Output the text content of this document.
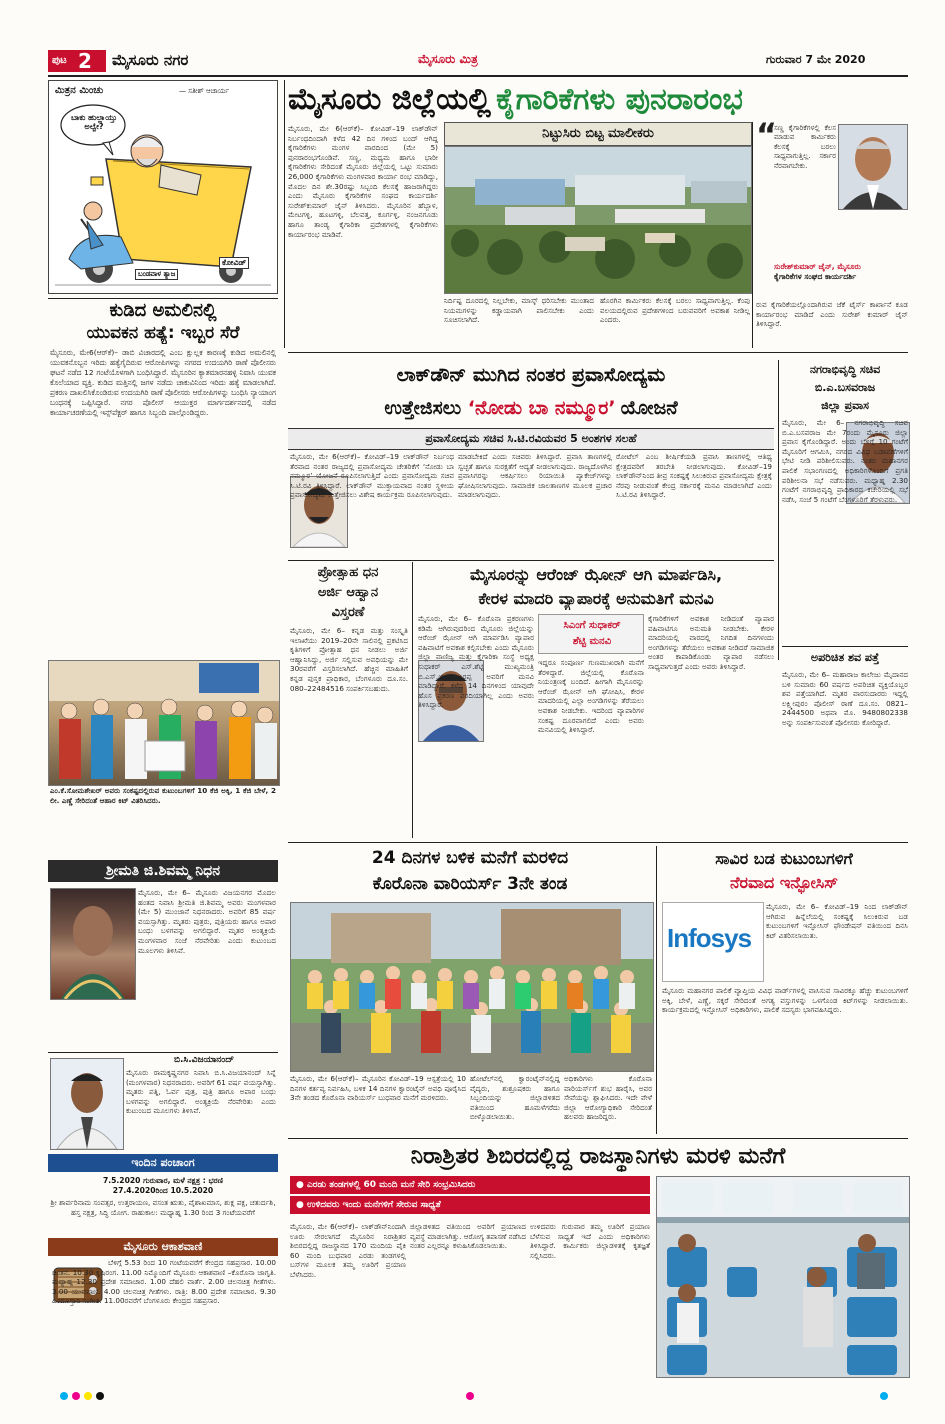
ಪುಟ 2 ಮೈಸೂರು ನಗರ	ಮೈಸೂರು ಮಿತ್ರ	ಗುರುವಾರ 7 ಮೇ 2020
ಮಿತ್ರನ ಮಿಂಚು	— ಸತೀಶ್ ಆಚಾರ್ಯ
ಬಾಕು ಹುಲ್ಲಾಯ್ತು ಅಲ್ವೇ?
ಬಂಡವಾಳ ತ್ಯಾಜ
ಕೋವಿಡ್
ಕುಡಿದ ಅಮಲಿನಲ್ಲಿ
ಯುವಕನ ಹತ್ಯೆ: ಇಬ್ಬರ ಸೆರೆ
ಮೈಸೂರು, ಮೇ6(ಆರ್‌ಕೆ)– ಡಾಬಿ ವಿಚಾರದಲ್ಲಿ ಎಂಬ ಕ್ಷುಲ್ಲಕ ಕಾರಣಕ್ಕೆ ಕುಡಿದ ಅಮಲಿನಲ್ಲಿ ಯುವಕನೊಬ್ಬನ ಇರಿದು ಹತ್ಯೆಗೈದಿರುವ ಆರೋಪಿಗಳನ್ನು ನಗರದ ಉದಯಗಿರಿ ಠಾಣೆ ಪೊಲೀಸರು ಘಟನೆ ನಡೆದ 12 ಗಂಟೆಯೊಳಗಾಗಿ ಬಂಧಿಸಿದ್ದಾರೆ. ಮೈಸೂರಿನ ಕ್ಯಾತಮಾರನಹಳ್ಳಿ ನಿವಾಸಿ ಯುವಕ ಕೊಲೆಯಾದ ವ್ಯಕ್ತಿ. ಕುಡಿದ ಮತ್ತಿನಲ್ಲಿ ಜಗಳ ನಡೆದು ಚಾಕುವಿನಿಂದ ಇರಿದು ಹತ್ಯೆ ಮಾಡಲಾಗಿದೆ. ಪ್ರಕರಣ ದಾಖಲಿಸಿಕೊಂಡಿರುವ ಉದಯಗಿರಿ ಠಾಣೆ ಪೊಲೀಸರು ಆರೋಪಿಗಳನ್ನು ಬಂಧಿಸಿ ನ್ಯಾಯಾಂಗ ಬಂಧನಕ್ಕೆ ಒಪ್ಪಿಸಿದ್ದಾರೆ. ನಗರ ಪೊಲೀಸ್ ಆಯುಕ್ತರ ಮಾರ್ಗದರ್ಶನದಲ್ಲಿ ನಡೆದ ಕಾರ್ಯಾಚರಣೆಯಲ್ಲಿ ಇನ್ಸ್‌ಪೆಕ್ಟರ್ ಹಾಗೂ ಸಿಬ್ಬಂದಿ ಪಾಲ್ಗೊಂಡಿದ್ದರು.
ಎಂ.ಕೆ.ಸೋಮಶೇಖರ್ ಅವರು ಸಂಕಷ್ಟದಲ್ಲಿರುವ ಕುಟುಂಬಗಳಿಗೆ 10 ಕೆಜಿ ಅಕ್ಕಿ, 1 ಕೆಜಿ ಬೇಳೆ, 2 ಲೀ. ಎಣ್ಣೆ ಸೇರಿದಂತೆ ಆಹಾರ ಕಿಟ್ ವಿತರಿಸಿದರು.
ಶ್ರೀಮತಿ ಜಿ.ಶಿವಮ್ಮ ನಿಧನ
ಮೈಸೂರು, ಮೇ 6– ಮೈಸೂರು ವಿಜಯನಗರ ಮೊದಲ ಹಂತದ ನಿವಾಸಿ ಶ್ರೀಮತಿ ಜಿ.ಶಿವಮ್ಮ ಅವರು ಮಂಗಳವಾರ (ಮೇ 5) ಮುಂಜಾನೆ ನಿಧನರಾದರು. ಅವರಿಗೆ 85 ವರ್ಷ ವಯಸ್ಸಾಗಿತ್ತು. ಮೃತರು ಪುತ್ರರು, ಪುತ್ರಿಯರು ಹಾಗೂ ಅಪಾರ ಬಂಧು ಬಳಗವನ್ನು ಅಗಲಿದ್ದಾರೆ. ಮೃತರ ಅಂತ್ಯಕ್ರಿಯೆ ಮಂಗಳವಾರ ಸಂಜೆ ನೆರವೇರಿತು ಎಂದು ಕುಟುಂಬದ ಮೂಲಗಳು ತಿಳಿಸಿವೆ.
ಬಿ.ಸಿ.ವಿಜಯಾನಂದ್
ಮೈಸೂರು ರಾಮಕೃಷ್ಣನಗರ ನಿವಾಸಿ ಬಿ.ಸಿ.ವಿಜಯಾನಂದ್ ಸಿನ್ನೆ (ಮಂಗಳವಾರ) ನಿಧನರಾದರು. ಅವರಿಗೆ 61 ವರ್ಷ ವಯಸ್ಸಾಗಿತ್ತು. ಮೃತರು ಪತ್ನಿ, ಓರ್ವ ಪುತ್ರ, ಪುತ್ರಿ ಹಾಗೂ ಅಪಾರ ಬಂಧು ಬಳಗವನ್ನು ಅಗಲಿದ್ದಾರೆ. ಅಂತ್ಯಕ್ರಿಯೆ ನೆರವೇರಿತು ಎಂದು ಕುಟುಂಬದ ಮೂಲಗಳು ತಿಳಿಸಿವೆ.
ಇಂದಿನ ಪಂಚಾಂಗ
7.5.2020 ಗುರುವಾರ, ಮಳೆ ನಕ್ಷತ್ರ : ಭರಣಿ
27.4.2020ರಿಂದ 10.5.2020
ಶ್ರೀ ಶಾರ್ವರಿನಾಮ ಸಂವತ್ಸರ, ಉತ್ತರಾಯಣ, ವಸಂತ ಋತು, ವೈಶಾಖಮಾಸ, ಶುಕ್ಲ ಪಕ್ಷ, ಚತುರ್ದಶಿ, ಹಸ್ತ ನಕ್ಷತ್ರ, ಸಿದ್ಧಿ ಯೋಗ. ರಾಹುಕಾಲ: ಮಧ್ಯಾಹ್ನ 1.30 ರಿಂದ 3 ಗಂಟೆಯವರೆಗೆ
ಮೈಸೂರು ಆಕಾಶವಾಣಿ
ಬೆಳಿಗ್ಗೆ 5.53 ರಿಂದ 10 ಗಂಟೆಯವರೆಗೆ ಕೇಂದ್ರದ ಸಹಪ್ರಸಾರ. 10.00 ಚಿಂತನ. 10.30 ಕೃಷಿರಂಗ. 11.00 ನಿಮ್ಮೊಂದಿಗೆ ಮೈಸೂರು ಆಕಾಶವಾಣಿ –ಕೊರೊನಾ ಜಾಗೃತಿ. ಮಧ್ಯಾಹ್ನ 12.30 ಪ್ರದೇಶ ಸಮಾಚಾರ. 1.00 ದೆಹಲಿ ವಾರ್ತೆ. 2.00 ಚಲನಚಿತ್ರ ಗೀತೆಗಳು. 3.00 ಯುವವಾಣಿ. 4.00 ಚಲನಚಿತ್ರ ಗೀತೆಗಳು. ರಾತ್ರಿ: 8.00 ಪ್ರದೇಶ ಸಮಾಚಾರ. 9.30 ಹಿಂದೂಸ್ತಾನಿ ಸಂಗೀತ. 11.00ರವರೆಗೆ ಬೆಂಗಳೂರು ಕೇಂದ್ರದ ಸಹಪ್ರಸಾರ.
ಮೈಸೂರು ಜಿಲ್ಲೆಯಲ್ಲಿ ಕೈಗಾರಿಕೆಗಳು ಪುನರಾರಂಭ
ಮೈಸೂರು, ಮೇ 6(ಆರ್‌ಕೆ)– ಕೋವಿಡ್–19 ಲಾಕ್‌ಡೌನ್ ನಿರ್ಬಂಧದಿಂದಾಗಿ ಕಳೆದ 42 ದಿನ ಗಳಿಂದ ಬಂದ್ ಆಗಿದ್ದ ಕೈಗಾರಿಕೆಗಳು ಮಂಗಳ ವಾರದಿಂದ (ಮೇ 5) ಪುನರಾರಂಭಗೊಂಡಿವೆ. ಸಣ್ಣ, ಮಧ್ಯಮ ಹಾಗೂ ಭಾರೀ ಕೈಗಾರಿಕೆಗಳು ಸೇರಿದಂತೆ ಮೈಸೂರು ಜಿಲ್ಲೆಯಲ್ಲಿ ಒಟ್ಟು ಸುಮಾರು 26,000 ಕೈಗಾರಿಕೆಗಳು ಮಂಗಳವಾರ ಕಾರ್ಯಾ ರಂಭ ಮಾಡಿದ್ದು, ಮೊದಲ ದಿನ ಶೇ.30ರಷ್ಟು ಸಿಬ್ಬಂದಿ ಕೆಲಸಕ್ಕೆ ಹಾಜರಾಗಿದ್ದರು ಎಂದು ಮೈಸೂರು ಕೈಗಾರಿಕೆಗಳ ಸಂಘದ ಕಾರ್ಯದರ್ಶಿ ಸುರೇಶ್‌ಕುಮಾರ್ ಜೈನ್ ತಿಳಿಸಿದರು. ಮೈಸೂರಿನ ಹೆಬ್ಬಾಳ, ಮೇಟಗಳ್ಳಿ, ಹೂಟಗಳ್ಳಿ, ಬೆಲವತ್ತ, ಕೂರ್ಗಳ್ಳಿ, ನಂಜನಗೂಡು ಹಾಗೂ ತಾಂಡ್ಯ ಕೈಗಾರಿಕಾ ಪ್ರದೇಶಗಳಲ್ಲಿ ಕೈಗಾರಿಕೆಗಳು ಕಾರ್ಯಾರಂಭ ಮಾಡಿವೆ.
ನಿಟ್ಟುಸಿರು ಬಿಟ್ಟ ಮಾಲೀಕರು
ನಿರ್ದಿಷ್ಟ ದೂರದಲ್ಲಿ ನಿಲ್ಲಬೇಕು, ಮಾಸ್ಕ್ ಧರಿಸಬೇಕು ಮುಂತಾದ ನಿಯಮಗಳನ್ನು ಕಡ್ಡಾಯವಾಗಿ ಪಾಲಿಸಬೇಕು ಎಂದು ಸೂಚಿಸಲಾಗಿದೆ.
ಹೊರಗಿನ ಕಾರ್ಮಿಕರು ಕೆಲಸಕ್ಕೆ ಬರಲು ಸಾಧ್ಯವಾಗುತ್ತಿಲ್ಲ. ಕೆಂಪು ವಲಯದಲ್ಲಿರುವ ಪ್ರದೇಶಗಳಿಂದ ಬರುವವರಿಗೆ ಅವಕಾಶ ನೀಡಿಲ್ಲ ಎಂದರು.
“
ಸಣ್ಣ ಕೈಗಾರಿಕೆಗಳಲ್ಲಿ ಕೆಲಸ ಮಾಡುವ ಕಾರ್ಮಿಕರು ಕೆಲಸಕ್ಕೆ ಬರಲು ಸಾಧ್ಯವಾಗುತ್ತಿಲ್ಲ. ಸರ್ಕಾರ ನೆರವಾಗಬೇಕು.
ಸುರೇಶ್‌ಕುಮಾರ್ ಜೈನ್, ಮೈಸೂರು
ಕೈಗಾರಿಕೆಗಳ ಸಂಘದ ಕಾರ್ಯದರ್ಶಿ
ರುವ ಕೈಗಾರಿಕೆಯಲ್ಲೊಂದಾಗಿರುವ ಜೆಕೆ ಟೈರ್ಸ್ ಕಾರ್ಖಾನೆ ಕೂಡ ಕಾರ್ಯಾರಂಭ ಮಾಡಿದೆ ಎಂದು ಸುರೇಶ್ ಕುಮಾರ್ ಜೈನ್ ತಿಳಿಸಿದ್ದಾರೆ.
ಲಾಕ್‌ಡೌನ್ ಮುಗಿದ ನಂತರ ಪ್ರವಾಸೋದ್ಯಮ
ಉತ್ತೇಜಿಸಲು ‘ನೋಡು ಬಾ ನಮ್ಮೂರ’ ಯೋಜನೆ
ಪ್ರವಾಸೋದ್ಯಮ ಸಚಿವ ಸಿ.ಟಿ.ರವಿಯವರ 5 ಅಂಶಗಳ ಸಲಹೆ
ಮೈಸೂರು, ಮೇ 6(ಆರ್‌ಕೆ)– ಕೋವಿಡ್–19 ಲಾಕ್‌ಡೌನ್ ನಿರ್ಬಂಧ ತೆರವಾದ ನಂತರ ರಾಜ್ಯದಲ್ಲಿ ಪ್ರವಾಸೋದ್ಯಮ ಚೇತರಿಕೆಗೆ ‘ನೋಡು ಬಾ ನಮ್ಮೂರ’ ಯೋಜನೆ ರೂಪಿಸಲಾಗುತ್ತಿದೆ ಎಂದು ಪ್ರವಾಸೋದ್ಯಮ ಸಚಿವ ಸಿ.ಟಿ.ರವಿ ತಿಳಿಸಿದ್ದಾರೆ. ಲಾಕ್‌ಡೌನ್ ಮುಕ್ತಾಯವಾದ ನಂತರ ಸ್ಥಳೀಯ ಪ್ರವಾಸೋದ್ಯಮ ಉತ್ತೇಜಿಸಲು ವಿಶೇಷ ಕಾರ್ಯಕ್ರಮ ರೂಪಿಸಲಾಗುವುದು.
ಮಾಡಬೇಕಿದೆ ಎಂದು ಸಚಿವರು ತಿಳಿಸಿದ್ದಾರೆ. ಪ್ರವಾಸಿ ತಾಣಗಳಲ್ಲಿ ಸ್ವಚ್ಛತೆ ಹಾಗೂ ಸುರಕ್ಷತೆಗೆ ಆದ್ಯತೆ ನೀಡಲಾಗುವುದು. ರಾಜ್ಯದೊಳಗಿನ ಪ್ರವಾಸಿಗರನ್ನು ಆಕರ್ಷಿಸಲು ರಿಯಾಯಿತಿ ಪ್ಯಾಕೇಜ್‌ಗಳನ್ನು ಘೋಷಿಸಲಾಗುವುದು. ಸಾಮಾಜಿಕ ಜಾಲತಾಣಗಳ ಮೂಲಕ ಪ್ರಚಾರ ಮಾಡಲಾಗುವುದು.
ರೋಟೆಲ್ ಎಂಬ ಶೀರ್ಷಿಕೆಯಡಿ ಪ್ರವಾಸಿ ತಾಣಗಳಲ್ಲಿ ಆತಿಥ್ಯ ಕ್ಷೇತ್ರದವರಿಗೆ ತರಬೇತಿ ನೀಡಲಾಗುವುದು. ಕೋವಿಡ್–19 ಲಾಕ್‌ಡೌನ್‌ನಿಂದ ತೀವ್ರ ಸಂಕಷ್ಟಕ್ಕೆ ಸಿಲುಕಿರುವ ಪ್ರವಾಸೋದ್ಯಮ ಕ್ಷೇತ್ರಕ್ಕೆ ನೆರವು ನೀಡುವಂತೆ ಕೇಂದ್ರ ಸರ್ಕಾರಕ್ಕೆ ಮನವಿ ಮಾಡಲಾಗಿದೆ ಎಂದು ಸಿ.ಟಿ.ರವಿ ತಿಳಿಸಿದ್ದಾರೆ.
ನಗರಾಭಿವೃದ್ಧಿ ಸಚಿವ
ಬಿ.ಎ.ಬಸವರಾಜ
ಜಿಲ್ಲಾ ಪ್ರವಾಸ
ಮೈಸೂರು, ಮೇ 6– ನಗರಾಭಿವೃದ್ಧಿ ಸಚಿವ ಬಿ.ಎ.ಬಸವರಾಜ ಮೇ 7ರಂದು ಮೈಸೂರು ಜಿಲ್ಲಾ ಪ್ರವಾಸ ಕೈಗೊಂಡಿದ್ದಾರೆ. ಅಂದು ಬೆಳಿಗ್ಗೆ 10 ಗಂಟೆಗೆ ಮೈಸೂರಿಗೆ ಆಗಮಿಸಿ, ನಗರದ ವಿವಿಧ ಬಡಾವಣೆಗಳಿಗೆ ಭೇಟಿ ನೀಡಿ ಪರಿಶೀಲಿಸುವರು. ನಂತರ ಮಹಾನಗರ ಪಾಲಿಕೆ ಸಭಾಂಗಣದಲ್ಲಿ ಅಧಿಕಾರಿಗಳೊಂದಿಗೆ ಪ್ರಗತಿ ಪರಿಶೀಲನಾ ಸಭೆ ನಡೆಸುವರು. ಮಧ್ಯಾಹ್ನ 2.30 ಗಂಟೆಗೆ ನಗರಾಭಿವೃದ್ಧಿ ಪ್ರಾಧಿಕಾರದ ಕಚೇರಿಯಲ್ಲಿ ಸಭೆ ನಡೆಸಿ, ಸಂಜೆ 5 ಗಂಟೆಗೆ ಬೆಂಗಳೂರಿಗೆ ತೆರಳುವರು.
ಪ್ರೋತ್ಸಾಹ ಧನ
ಅರ್ಜಿ ಆಹ್ವಾನ
ವಿಸ್ತರಣೆ
ಮೈಸೂರು, ಮೇ 6– ಕನ್ನಡ ಮತ್ತು ಸಂಸ್ಕೃತಿ ಇಲಾಖೆಯು 2019–20ನೇ ಸಾಲಿನಲ್ಲಿ ಪ್ರಕಟಿಸಿದ ಕೃತಿಗಳಿಗೆ ಪ್ರೋತ್ಸಾಹ ಧನ ನೀಡಲು ಅರ್ಜಿ ಆಹ್ವಾನಿಸಿದ್ದು, ಅರ್ಜಿ ಸಲ್ಲಿಸುವ ಅವಧಿಯನ್ನು ಮೇ 30ರವರೆಗೆ ವಿಸ್ತರಿಸಲಾಗಿದೆ. ಹೆಚ್ಚಿನ ಮಾಹಿತಿಗೆ ಕನ್ನಡ ಪುಸ್ತಕ ಪ್ರಾಧಿಕಾರ, ಬೆಂಗಳೂರು ದೂ.ಸಂ. 080–22484516 ಸಂಪರ್ಕಿಸಬಹುದು.
ಮೈಸೂರನ್ನು ಆರೆಂಜ್ ಝೋನ್ ಆಗಿ ಮಾರ್ಪಡಿಸಿ,
ಕೇರಳ ಮಾದರಿ ವ್ಯಾಪಾರಕ್ಕೆ ಅನುಮತಿಗೆ ಮನವಿ
ಮೈಸೂರು, ಮೇ 6– ಕೊರೊನಾ ಪ್ರಕರಣಗಳು ಕಡಿಮೆ ಆಗಿರುವುದರಿಂದ ಮೈಸೂರು ಜಿಲ್ಲೆಯನ್ನು ಆರೆಂಜ್ ಝೋನ್ ಆಗಿ ಮಾರ್ಪಡಿಸಿ ವ್ಯಾಪಾರ ವಹಿವಾಟಿಗೆ ಅವಕಾಶ ಕಲ್ಪಿಸಬೇಕು ಎಂದು ಮೈಸೂರು ಜಿಲ್ಲಾ ವಾಣಿಜ್ಯ ಮತ್ತು ಕೈಗಾರಿಕಾ ಸಂಸ್ಥೆ ಅಧ್ಯಕ್ಷ ಸುಧಾಕರ್ ಎಸ್.ಶೆಟ್ಟಿ ಮುಖ್ಯಮಂತ್ರಿ ಬಿ.ಎಸ್.ಯಡಿಯೂರಪ್ಪ ಅವರಿಗೆ ಮನವಿ ಮಾಡಿದ್ದಾರೆ. ಕಳೆದ 14 ದಿನಗಳಿಂದ ಯಾವುದೇ ಹೊಸ ಪ್ರಕರಣ ವರದಿಯಾಗಿಲ್ಲ ಎಂದು ಅವರು ತಿಳಿಸಿದ್ದಾರೆ.
ಸಿಎಂಗೆ ಸುಧಾಕರ್
ಶೆಟ್ಟಿ ಮನವಿ
ಇದ್ದರೂ ಸಂಪೂರ್ಣ ಗುಣಮುಖರಾಗಿ ಮನೆಗೆ ತೆರಳಿದ್ದಾರೆ. ಜಿಲ್ಲೆಯಲ್ಲಿ ಕೊರೊನಾ ನಿಯಂತ್ರಣಕ್ಕೆ ಬಂದಿದೆ. ಹೀಗಾಗಿ ಮೈಸೂರನ್ನು ಆರೆಂಜ್ ಝೋನ್ ಆಗಿ ಘೋಷಿಸಿ, ಕೇರಳ ಮಾದರಿಯಲ್ಲಿ ಎಲ್ಲಾ ಅಂಗಡಿಗಳನ್ನು ತೆರೆಯಲು ಅವಕಾಶ ನೀಡಬೇಕು. ಇದರಿಂದ ವ್ಯಾಪಾರಿಗಳ ಸಂಕಷ್ಟ ದೂರವಾಗಲಿದೆ ಎಂದು ಅವರು ಮನವಿಯಲ್ಲಿ ತಿಳಿಸಿದ್ದಾರೆ.
ಕೈಗಾರಿಕೆಗಳಿಗೆ ಅವಕಾಶ ನೀಡಿದಂತೆ ವ್ಯಾಪಾರ ವಹಿವಾಟಿಗೂ ಅನುಮತಿ ನೀಡಬೇಕು. ಕೇರಳ ಮಾದರಿಯಲ್ಲಿ ವಾರದಲ್ಲಿ ನಿಗದಿತ ದಿನಗಳಂದು ಅಂಗಡಿಗಳನ್ನು ತೆರೆಯಲು ಅವಕಾಶ ನೀಡಿದರೆ ಸಾಮಾಜಿಕ ಅಂತರ ಕಾಪಾಡಿಕೊಂಡು ವ್ಯಾಪಾರ ನಡೆಸಲು ಸಾಧ್ಯವಾಗುತ್ತದೆ ಎಂದು ಅವರು ತಿಳಿಸಿದ್ದಾರೆ.
ಅಪರಿಚಿತ ಶವ ಪತ್ತೆ
ಮೈಸೂರು, ಮೇ 6– ಮಹಾರಾಜ ಕಾಲೇಜು ಮೈದಾನದ ಬಳಿ ಸುಮಾರು 60 ವರ್ಷದ ಅಪರಿಚಿತ ವ್ಯಕ್ತಿಯೊಬ್ಬರ ಶವ ಪತ್ತೆಯಾಗಿದೆ. ಮೃತರ ವಾರಸುದಾರರು ಇದ್ದಲ್ಲಿ ಲಕ್ಷ್ಮೀಪುರಂ ಪೊಲೀಸ್ ಠಾಣೆ ದೂ.ಸಂ. 0821–2444500 ಅಥವಾ ಮೊ. 9480802338 ಅನ್ನು ಸಂಪರ್ಕಿಸುವಂತೆ ಪೊಲೀಸರು ಕೋರಿದ್ದಾರೆ.
24 ದಿನಗಳ ಬಳಿಕ ಮನೆಗೆ ಮರಳಿದ
ಕೊರೊನಾ ವಾರಿಯರ್ಸ್ 3ನೇ ತಂಡ
ಮೈಸೂರು, ಮೇ 6(ಆರ್‌ಕೆ)– ಮೈಸೂರಿನ ಕೋವಿಡ್–19 ಆಸ್ಪತ್ರೆಯಲ್ಲಿ 10 ದಿನಗಳ ಕರ್ತವ್ಯ ನಿರ್ವಹಿಸಿ, ಬಳಿಕ 14 ದಿನಗಳ ಕ್ವಾರಂಟೈನ್ ಅವಧಿ ಪೂರೈಸಿದ 3ನೇ ತಂಡದ ಕೊರೊನಾ ವಾರಿಯರ್ಸ್ ಬುಧವಾರ ಮನೆಗೆ ಮರಳಿದರು.
ಹೋಟೆಲ್‌ನಲ್ಲಿ ಕ್ವಾರಂಟೈನ್‌ನಲ್ಲಿದ್ದ ವೈದ್ಯರು, ಶುಶ್ರೂಷಕರು ಹಾಗೂ ಸಿಬ್ಬಂದಿಯನ್ನು ಜಿಲ್ಲಾಡಳಿತದ ವತಿಯಿಂದ ಹೂಮಳೆಗರೆದು ಬೀಳ್ಕೊಡಲಾಯಿತು.
ಅಧಿಕಾರಿಗಳು ಕೊರೊನಾ ವಾರಿಯರ್ಸ್‌ಗೆ ಶುಭ ಹಾರೈಸಿ, ಅವರ ಸೇವೆಯನ್ನು ಶ್ಲಾಘಿಸಿದರು. ಇದೇ ವೇಳೆ ಜಿಲ್ಲಾ ಆರೋಗ್ಯಾಧಿಕಾರಿ ಸೇರಿದಂತೆ ಹಲವರು ಹಾಜರಿದ್ದರು.
ಸಾವಿರ ಬಡ ಕುಟುಂಬಗಳಿಗೆ
ನೆರವಾದ ಇನ್ಫೋಸಿಸ್
Infosys
ಮೈಸೂರು, ಮೇ 6– ಕೋವಿಡ್–19 ನಿಂದ ಲಾಕ್‌ಡೌನ್ ಆಗಿರುವ ಹಿನ್ನೆಲೆಯಲ್ಲಿ ಸಂಕಷ್ಟಕ್ಕೆ ಸಿಲುಕಿರುವ ಬಡ ಕುಟುಂಬಗಳಿಗೆ ಇನ್ಫೋಸಿಸ್ ಫೌಂಡೇಷನ್ ವತಿಯಿಂದ ದಿನಸಿ ಕಿಟ್ ವಿತರಿಸಲಾಯಿತು.
ಮೈಸೂರು ಮಹಾನಗರ ಪಾಲಿಕೆ ವ್ಯಾಪ್ತಿಯ ವಿವಿಧ ವಾರ್ಡ್‌ಗಳಲ್ಲಿ ವಾಸಿಸುವ ಸಾವಿರಕ್ಕೂ ಹೆಚ್ಚು ಕುಟುಂಬಗಳಿಗೆ ಅಕ್ಕಿ, ಬೇಳೆ, ಎಣ್ಣೆ, ಸಕ್ಕರೆ ಸೇರಿದಂತೆ ಅಗತ್ಯ ವಸ್ತುಗಳನ್ನು ಒಳಗೊಂಡ ಕಿಟ್‌ಗಳನ್ನು ನೀಡಲಾಯಿತು. ಕಾರ್ಯಕ್ರಮದಲ್ಲಿ ಇನ್ಫೋಸಿಸ್ ಅಧಿಕಾರಿಗಳು, ಪಾಲಿಕೆ ಸದಸ್ಯರು ಭಾಗವಹಿಸಿದ್ದರು.
ನಿರಾಶ್ರಿತರ ಶಿಬಿರದಲ್ಲಿದ್ದ ರಾಜಸ್ಥಾನಿಗಳು ಮರಳಿ ಮನೆಗೆ
● ಎರಡು ತಂಡಗಳಲ್ಲಿ 60 ಮಂದಿ ಮನೆ ಸೇರಿ ಸಂಭ್ರಮಿಸಿದರು
● ಉಳಿದವರು ಇಂದು ಮನೆಗಳಿಗೆ ಸೇರುವ ಸಾಧ್ಯತೆ
ಮೈಸೂರು, ಮೇ 6(ಆರ್‌ಕೆ)– ಲಾಕ್‌ಡೌನ್‌ನಿಂದಾಗಿ ಊರು ಸೇರಲಾಗದೆ ಮೈಸೂರಿನ ನಿರಾಶ್ರಿತರ ಶಿಬಿರದಲ್ಲಿದ್ದ ರಾಜಸ್ಥಾನದ 170 ಮಂದಿಯ ಪೈಕಿ 60 ಮಂದಿ ಬುಧವಾರ ಎರಡು ತಂಡಗಳಲ್ಲಿ ಬಸ್‌ಗಳ ಮೂಲಕ ತಮ್ಮ ಊರಿಗೆ ಪ್ರಯಾಣ ಬೆಳೆಸಿದರು.
ಜಿಲ್ಲಾಡಳಿತದ ವತಿಯಿಂದ ಅವರಿಗೆ ಪ್ರಯಾಣದ ವ್ಯವಸ್ಥೆ ಮಾಡಲಾಗಿತ್ತು. ಆರೋಗ್ಯ ತಪಾಸಣೆ ನಡೆಸಿದ ನಂತರ ಎಲ್ಲರನ್ನೂ ಕಳುಹಿಸಿಕೊಡಲಾಯಿತು.
ಉಳಿದವರು ಗುರುವಾರ ತಮ್ಮ ಊರಿಗೆ ಪ್ರಯಾಣ ಬೆಳೆಸುವ ಸಾಧ್ಯತೆ ಇದೆ ಎಂದು ಅಧಿಕಾರಿಗಳು ತಿಳಿಸಿದ್ದಾರೆ. ಕಾರ್ಮಿಕರು ಜಿಲ್ಲಾಡಳಿತಕ್ಕೆ ಕೃತಜ್ಞತೆ ಸಲ್ಲಿಸಿದರು.
